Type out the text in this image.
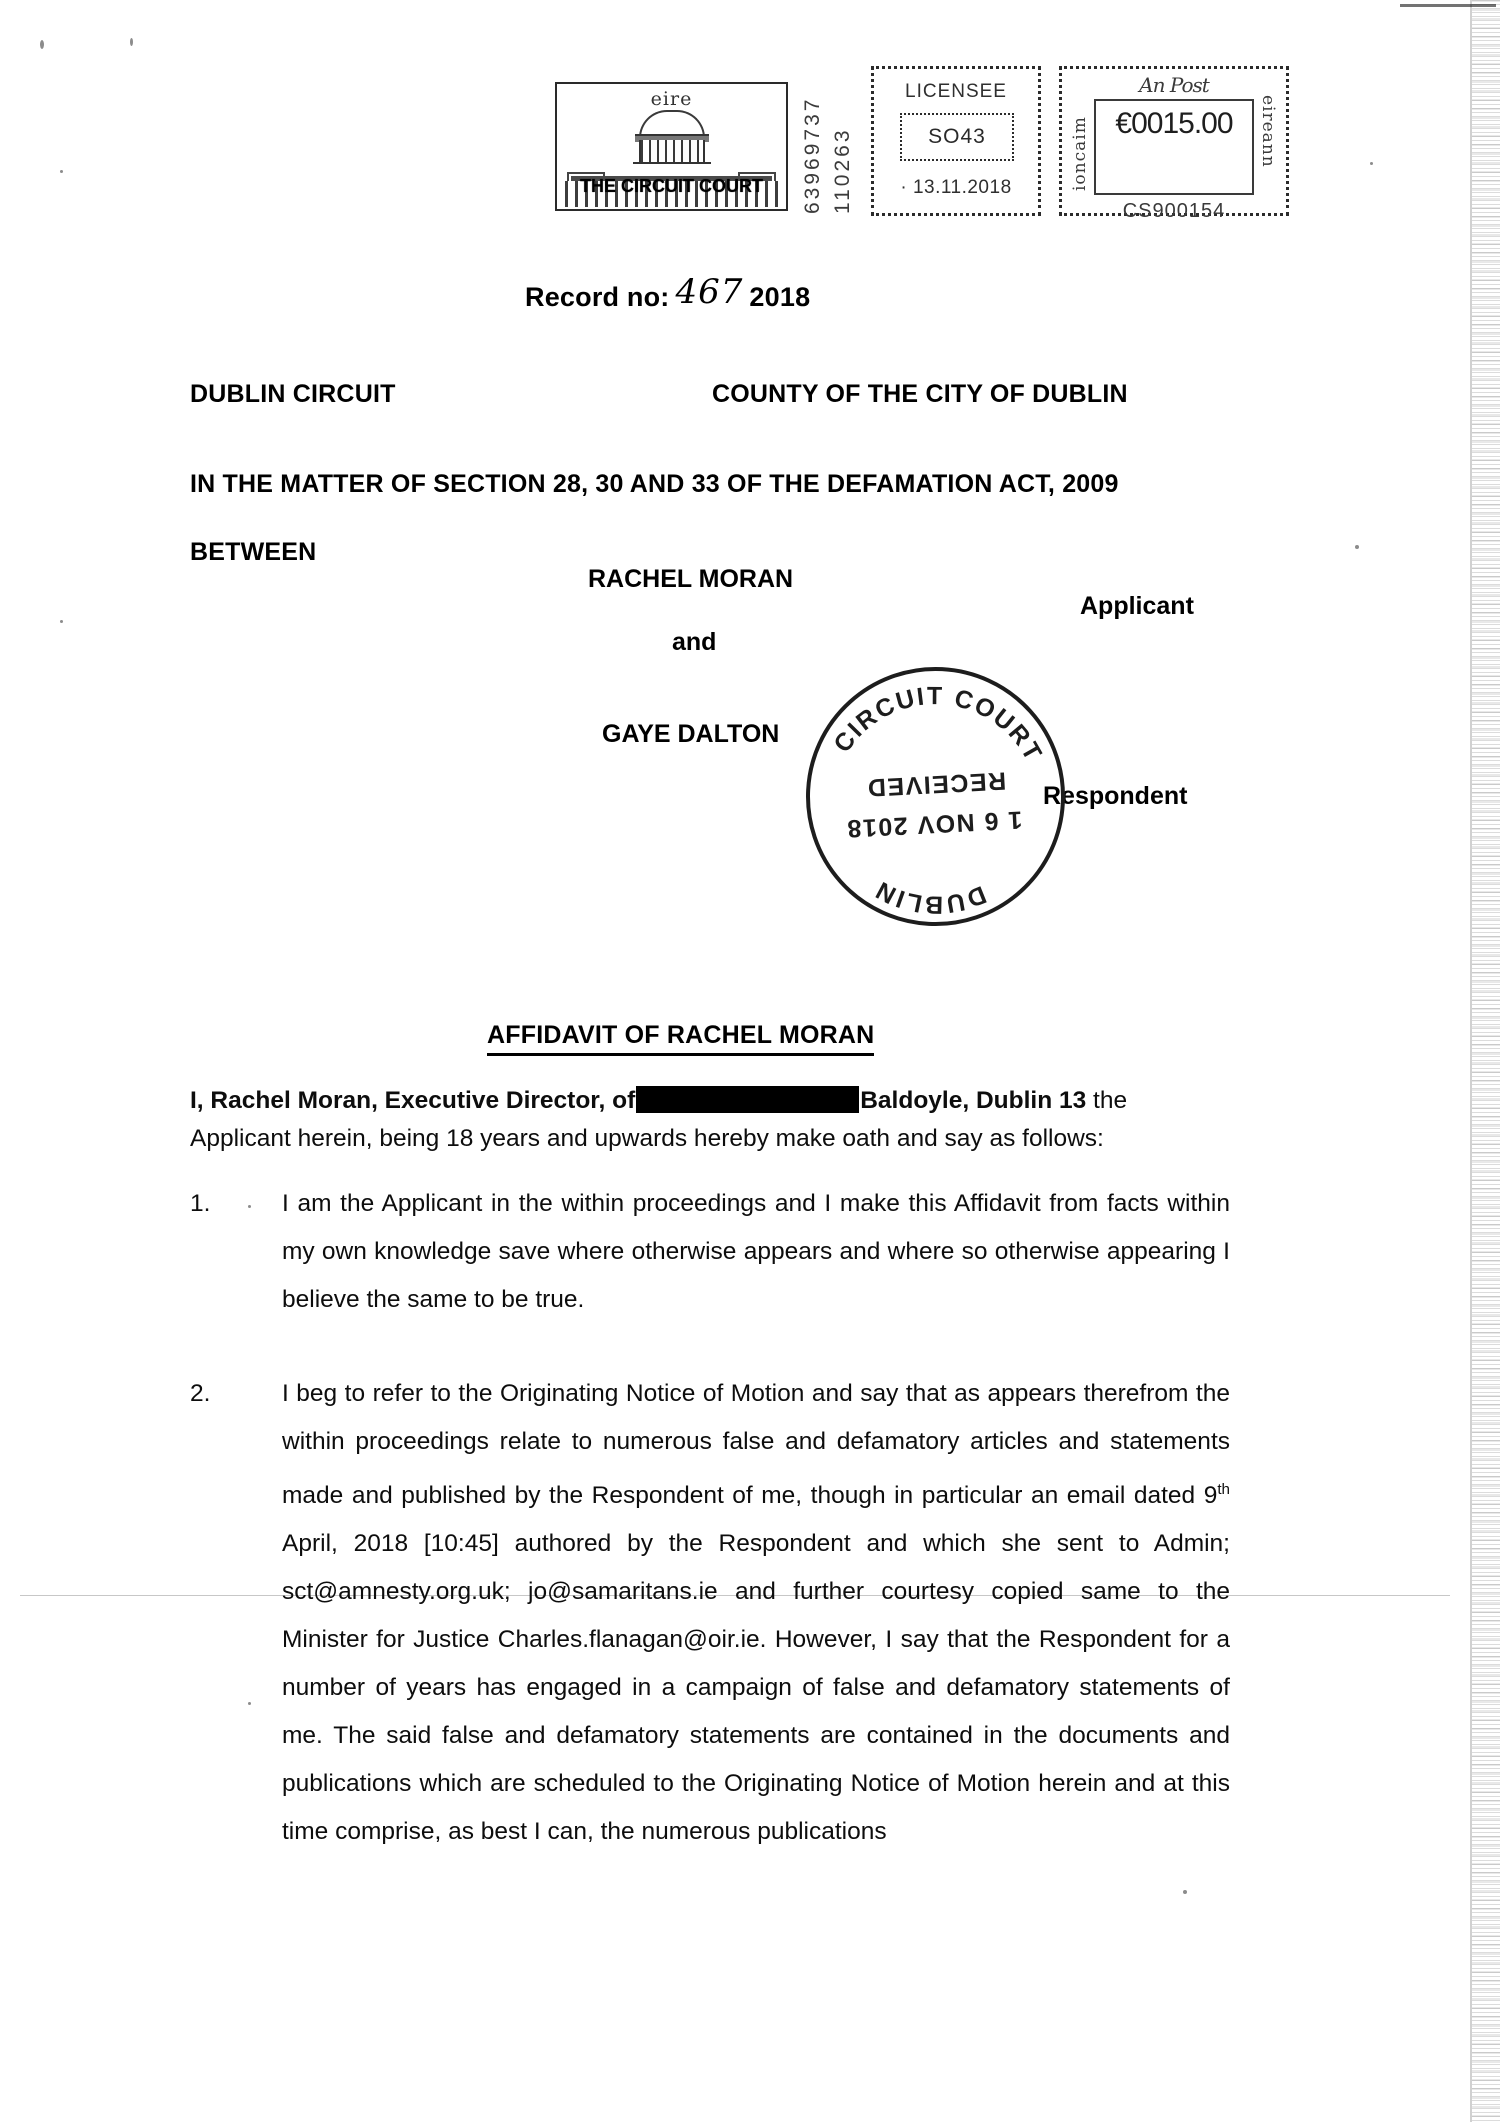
eire
THE CIRCUIT COURT	63969737 110263
LICENSEE
SO43
· 13.11.2018
An Post
ioncaim	eireann
€0015.00
CS900154
Record no: 467 2018
DUBLIN CIRCUIT	COUNTY OF THE CITY OF DUBLIN
IN THE MATTER OF SECTION 28, 30 AND 33 OF THE DEFAMATION ACT, 2009
BETWEEN
RACHEL MORAN
Applicant
and
GAYE DALTON
Respondent
DUBLIN
CIRCUIT COURT
1 6 NOV 2018
RECEIVED
AFFIDAVIT OF RACHEL MORAN
I, Rachel Moran, Executive Director, of	Baldoyle, Dublin 13 the Applicant herein, being 18 years and upwards hereby make oath and say as follows:
1.	I am the Applicant in the within proceedings and I make this Affidavit from facts within my own knowledge save where otherwise appears and where so otherwise appearing I believe the same to be true.
2.	I beg to refer to the Originating Notice of Motion and say that as appears therefrom the within proceedings relate to numerous false and defamatory articles and statements made and published by the Respondent of me, though in particular an email dated 9th April, 2018 [10:45] authored by the Respondent and which she sent to Admin; sct@amnesty.org.uk; jo@samaritans.ie and further courtesy copied same to the Minister for Justice Charles.flanagan@oir.ie. However, I say that the Respondent for a number of years has engaged in a campaign of false and defamatory statements of me. The said false and defamatory statements are contained in the documents and publications which are scheduled to the Originating Notice of Motion herein and at this time comprise, as best I can, the numerous publications
